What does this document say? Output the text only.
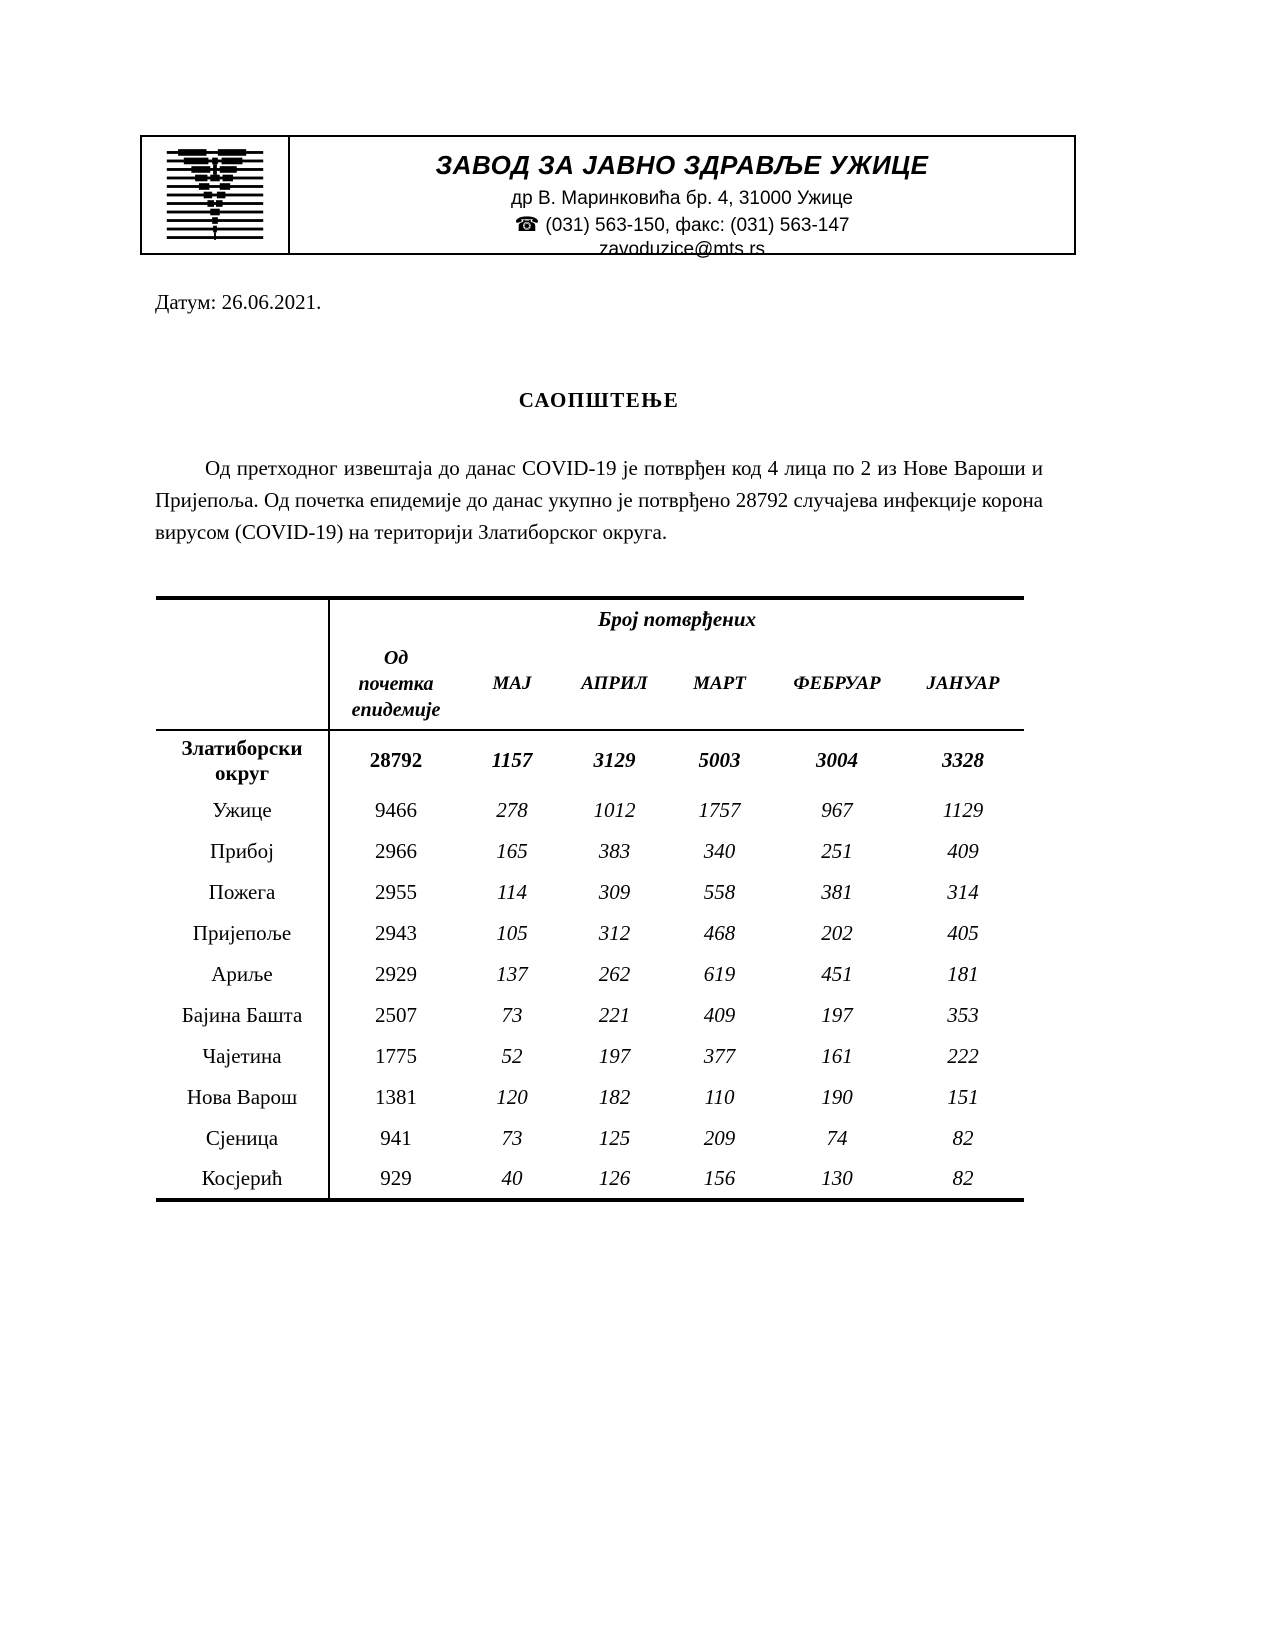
ЗАВОД ЗА ЈАВНО ЗДРАВЉЕ УЖИЦЕ
др В. Маринковића бр. 4, 31000 Ужице
☎ (031) 563-150, факс: (031) 563-147
zavoduzice@mts.rs
Датум: 26.06.2021.
САОПШТЕЊЕ
Од претходног извештаја до данас COVID-19 је потврђен код 4 лица по 2 из Нове Вароши и Пријепоља. Од почетка епидемије до данас укупно је потврђено 28792 случајева инфекције корона вирусом (COVID-19) на територији Златиборског округа.
	Број потврђених					

	Од почетка епидемије	МАЈ	АПРИЛ	МАРТ	ФЕБРУАР	ЈАНУАР
Златиборски округ	28792	1157	3129	5003	3004	3328
Ужице	9466	278	1012	1757	967	1129
Прибој	2966	165	383	340	251	409
Пожега	2955	114	309	558	381	314
Пријепоље	2943	105	312	468	202	405
Ариље	2929	137	262	619	451	181
Бајина Башта	2507	73	221	409	197	353
Чајетина	1775	52	197	377	161	222
Нова Варош	1381	120	182	110	190	151
Сјеница	941	73	125	209	74	82
Косјерић	929	40	126	156	130	82
